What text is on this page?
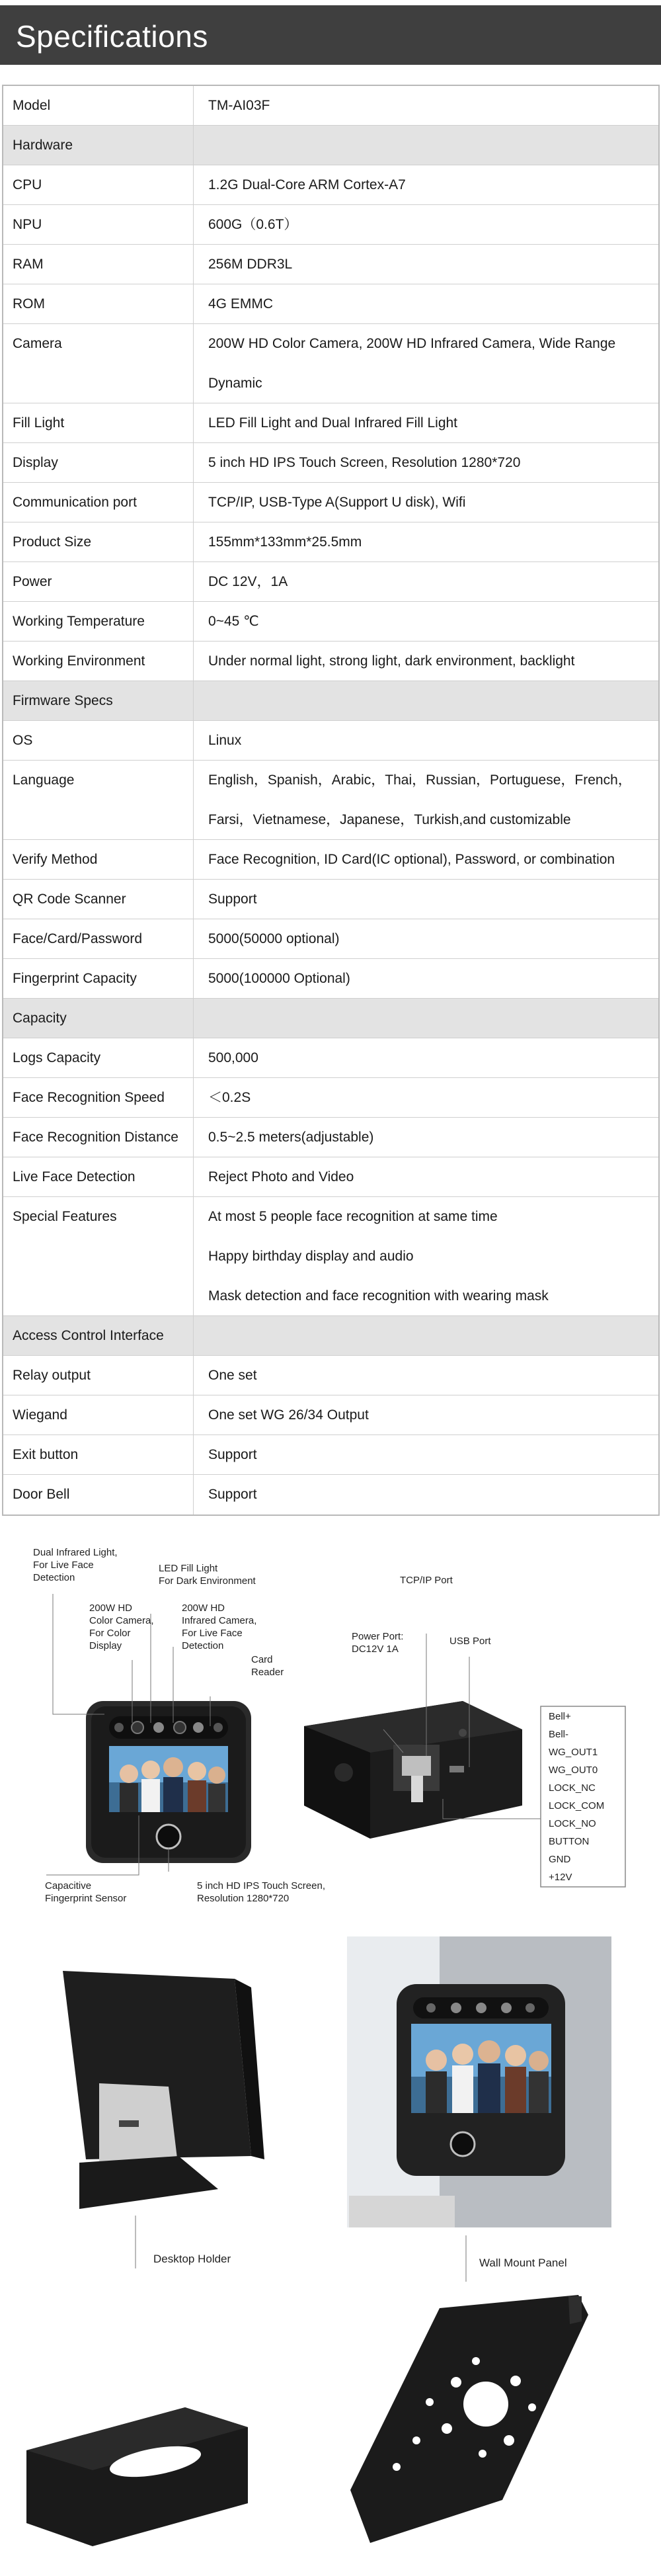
Specifications
Model	TM-AI03F
Hardware
CPU	1.2G Dual-Core ARM Cortex-A7
NPU	600G（0.6T）
RAM	256M DDR3L
ROM	4G EMMC
Camera	200W HD Color Camera, 200W HD Infrared Camera, Wide Range
Dynamic
Fill Light	LED Fill Light and Dual Infrared Fill Light
Display	5 inch HD IPS Touch Screen, Resolution 1280*720
Communication port	TCP/IP, USB-Type A(Support U disk), Wifi
Product Size	155mm*133mm*25.5mm
Power	DC 12V，1A
Working Temperature	0~45 ℃
Working Environment	Under normal light, strong light, dark environment, backlight
Firmware Specs
OS	Linux
Language	English，Spanish，Arabic，Thai，Russian，Portuguese，French，
Farsi，Vietnamese，Japanese，Turkish,and customizable
Verify Method	Face Recognition, ID Card(IC optional), Password, or combination
QR Code Scanner	Support
Face/Card/Password	5000(50000 optional)
Fingerprint Capacity	5000(100000 Optional)
Capacity
Logs Capacity	500,000
Face Recognition Speed	＜0.2S
Face Recognition Distance	0.5~2.5 meters(adjustable)
Live Face Detection	Reject Photo and Video
Special Features	At most 5 people face recognition at same time
Happy birthday display and audio
Mask detection and face recognition with wearing mask
Access Control Interface
Relay output	One set
Wiegand	One set WG 26/34 Output
Exit button	Support
Door Bell	Support
Dual Infrared Light,
For Live Face
Detection
200W HD
Color Camera,
For Color
Display
LED Fill Light
For Dark Environment
200W HD
Infrared Camera,
For Live Face
Detection
Card
Reader
Capacitive
Fingerprint Sensor
5 inch HD IPS Touch Screen,
Resolution 1280*720
TCP/IP Port
Power Port:
DC12V 1A
USB Port
Bell+
Bell-
WG_OUT1
WG_OUT0
LOCK_NC
LOCK_COM
LOCK_NO
BUTTON
GND
+12V
Desktop Holder	Wall Mount Panel
